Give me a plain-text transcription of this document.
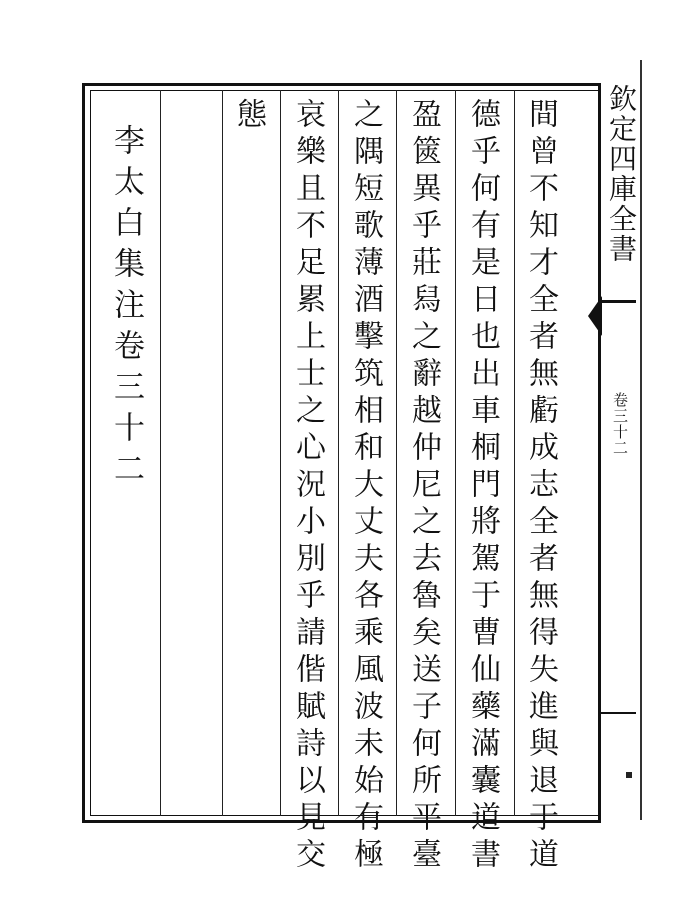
間曾不知才全者無虧成志全者無得失進與退于道
德乎何有是日也出車桐門將駕于曹仙藥滿囊道書
盈篋異乎莊舄之辭越仲尼之去魯矣送子何所平臺
之隅短歌薄酒擊筑相和大丈夫各乘風波未始有極
哀樂且不足累上士之心況小別乎請偕賦詩以見交
態
李太白集注卷三十二	欽定四庫全書
卷三十二
